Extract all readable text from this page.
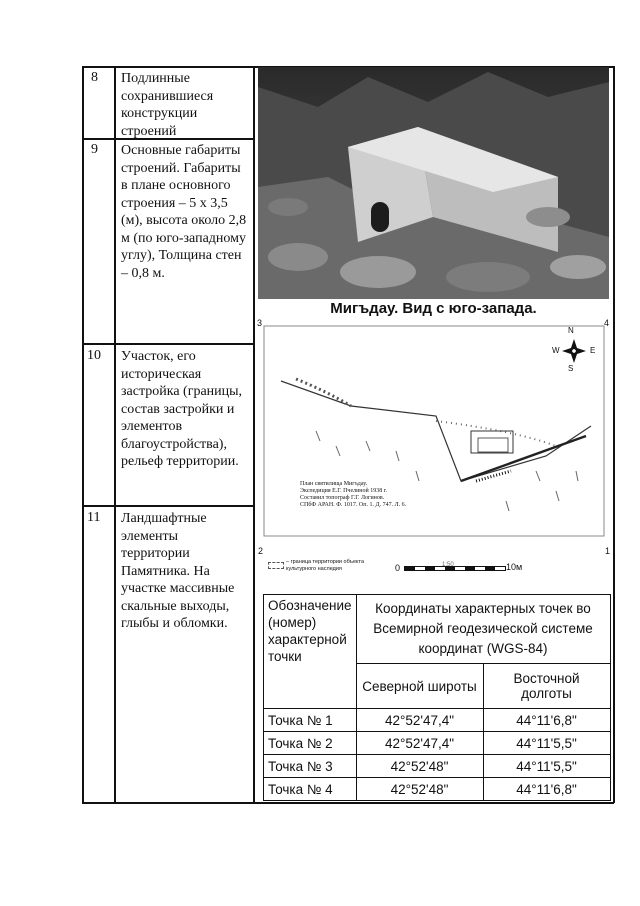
8 Подлинные сохранившиеся конструкции строений
9 Основные габариты строений. Габариты в плане основного строения – 5 х 3,5 (м), высота около 2,8 м (по юго-западному углу), Толщина стен – 0,8 м.
10 Участок, его историческая застройка (границы, состав застройки и элементов благоустройства), рельеф территории.
11 Ландшафтные элементы территории Памятника. На участке массивные скальные выходы, глыбы и обломки.
Мигъдау. Вид с юго-запада.
N
S
W	E
План святилища Мигъдау.
Экспедиция Е.Г. Пчелиной 1938 г.
Составил топограф Г.Г. Логинов.
СПбФ АРАН. Ф. 1017. Оп. 1. Д. 747. Л. 6.
3	4
2	1
– граница территории объекта культурного наследия	0	1:50	10м
Обозначение (номер) характерной точки	Координаты характерных точек во Всемирной геодезической системе координат (WGS-84)	
	Северной широты	Восточной долготы
Точка № 1	42°52'47,4"	44°11'6,8"
Точка № 2	42°52'47,4"	44°11'5,5"
Точка № 3	42°52'48"	44°11'5,5"
Точка № 4	42°52'48"	44°11'6,8"
